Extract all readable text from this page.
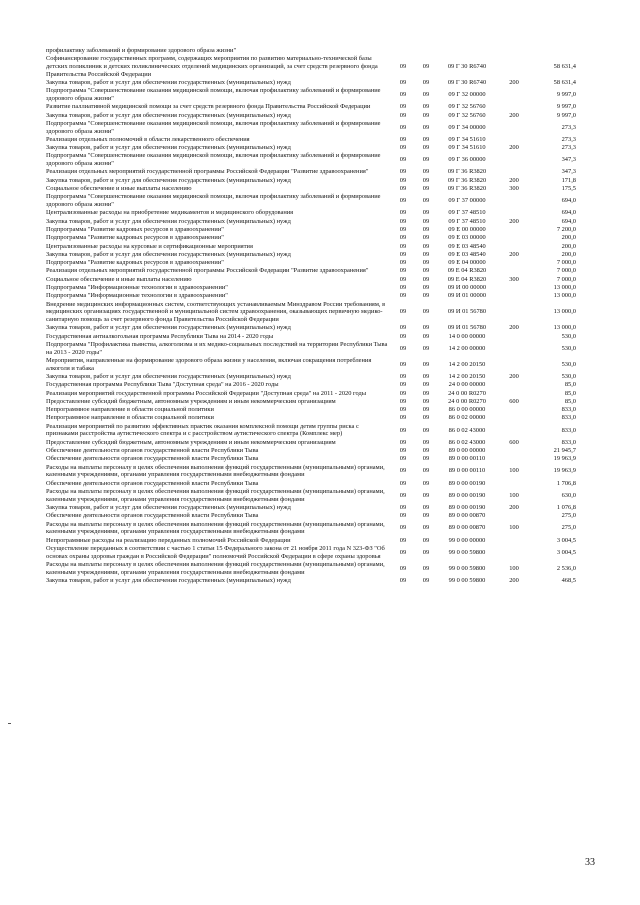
профилактику заболеваний и формирование здорового образа жизни"
Софинансирование государственных программ, содержащих мероприятия по развитию материально-технической базы детских поликлиник и детских поликлинических отделений медицинских организаций, за счет средств резервного фонда Правительства Российской Федерации
09	09	09 Г 30 R6740	58 631,4
Закупка товаров, работ и услуг для обеспечения государственных (муниципальных) нужд	09	09	09 Г 30 R6740	200	58 631,4
Подпрограмма "Совершенствование оказания медицинской помощи, включая профилактику заболеваний и формирование здорового образа жизни"
09	09	09 Г 32 00000	9 997,0
Развитие паллиативной медицинской помощи за счет средств резервного фонда Правительства Российской Федерации	09	09	09 Г 32 56760	9 997,0
Закупка товаров, работ и услуг для обеспечения государственных (муниципальных) нужд	09	09	09 Г 32 56760	200	9 997,0
Подпрограмма "Совершенствование оказания медицинской помощи, включая профилактику заболеваний и формирование здорового образа жизни"
09	09	09 Г 34 00000	273,3
Реализация отдельных полномочий в области лекарственного обеспечения	09	09	09 Г 34 51610	273,3
Закупка товаров, работ и услуг для обеспечения государственных (муниципальных) нужд	09	09	09 Г 34 51610	200	273,3
Подпрограмма "Совершенствование оказания медицинской помощи, включая профилактику заболеваний и формирование здорового образа жизни"
09	09	09 Г 36 00000	347,3
Реализация отдельных мероприятий государственной программы Российской Федерации "Развитие здравоохранения"	09	09	09 Г 36 R3820	347,3
Закупка товаров, работ и услуг для обеспечения государственных (муниципальных) нужд	09	09	09 Г 36 R3820	200	171,8
Социальное обеспечение и иные выплаты населению	09	09	09 Г 36 R3820	300	175,5
Подпрограмма "Совершенствование оказания медицинской помощи, включая профилактику заболеваний и формирование здорового образа жизни"
09	09	09 Г 37 00000	694,0
Централизованные расходы на приобретение медикаментов и медицинского оборудования	09	09	09 Г 37 48510	694,0
Закупка товаров, работ и услуг для обеспечения государственных (муниципальных) нужд	09	09	09 Г 37 48510	200	694,0
Подпрограмма "Развитие кадровых ресурсов в здравоохранении"	09	09	09 Е 00 00000	7 200,0
Подпрограмма "Развитие кадровых ресурсов в здравоохранении"	09	09	09 Е 03 00000	200,0
Централизованные расходы на курсовые и сертификационные мероприятия	09	09	09 Е 03 48540	200,0
Закупка товаров, работ и услуг для обеспечения государственных (муниципальных) нужд	09	09	09 Е 03 48540	200	200,0
Подпрограмма "Развитие кадровых ресурсов в здравоохранении"	09	09	09 Е 04 00000	7 000,0
Реализация отдельных мероприятий государственной программы Российской Федерации "Развитие здравоохранения"	09	09	09 Е 04 R3820	7 000,0
Социальное обеспечение и иные выплаты населению	09	09	09 Е 04 R3820	300	7 000,0
Подпрограмма "Информационные технологии в здравоохранении"	09	09	09 И 00 00000	13 000,0
Подпрограмма "Информационные технологии в здравоохранении"	09	09	09 И 01 00000	13 000,0
Внедрение медицинских информационных систем, соответствующих устанавливаемым Минздравом России требованиям, в медицинских организациях государственной и муниципальной систем здравоохранения, оказывающих первичную медико-санитарную помощь за счет резервного фонда Правительства Российской Федерации
09	09	09 И 01 56780	13 000,0
Закупка товаров, работ и услуг для обеспечения государственных (муниципальных) нужд	09	09	09 И 01 56780	200	13 000,0
Государственная антиалкогольная программа Республики Тыва на 2014 - 2020 годы	09	09	14 0 00 00000	530,0
Подпрограмма "Профилактика пьянства, алкоголизма и их медико-социальных последствий на территории Республики Тыва на 2013 - 2020 годы"
09	09	14 2 00 00000	530,0
Мероприятия, направленные на формирование здорового образа жизни у населения, включая сокращения потребления алкоголя и табака
09	09	14 2 00 20150	530,0
Закупка товаров, работ и услуг для обеспечения государственных (муниципальных) нужд	09	09	14 2 00 20150	200	530,0
Государственная программа Республики Тыва "Доступная среда" на 2016 - 2020 годы	09	09	24 0 00 00000	85,0
Реализация мероприятий государственной программы Российской Федерации "Доступная среда" на 2011 - 2020 годы	09	09	24 0 00 R0270	85,0
Предоставление субсидий бюджетным, автономным учреждениям и иным некоммерческим организациям	09	09	24 0 00 R0270	600	85,0
Непрограммное направление в области социальной политики	09	09	86 0 00 00000	833,0
Непрограммное направление в области социальной политики	09	09	86 0 02 00000	833,0
Реализация мероприятий по развитию эффективных практик оказания комплексной помощи детям группы риска с признаками расстройства аутистического спектра и с расстройством аутистического спектра (Комплекс мер)
09	09	86 0 02 43000	833,0
Предоставление субсидий бюджетным, автономным учреждениям и иным некоммерческим организациям	09	09	86 0 02 43000	600	833,0
Обеспечение деятельности органов государственной власти Республики Тыва	09	09	89 0 00 00000	21 945,7
Обеспечение деятельности органов государственной власти Республики Тыва	09	09	89 0 00 00110	19 963,9
Расходы на выплаты персоналу в целях обеспечения выполнения функций государственными (муниципальными) органами, казенными учреждениями, органами управления государственными внебюджетными фондами
09	09	89 0 00 00110	100	19 963,9
Обеспечение деятельности органов государственной власти Республики Тыва	09	09	89 0 00 00190	1 706,8
Расходы на выплаты персоналу в целях обеспечения выполнения функций государственными (муниципальными) органами, казенными учреждениями, органами управления государственными внебюджетными фондами
09	09	89 0 00 00190	100	630,0
Закупка товаров, работ и услуг для обеспечения государственных (муниципальных) нужд	09	09	89 0 00 00190	200	1 076,8
Обеспечение деятельности органов государственной власти Республики Тыва	09	09	89 0 00 00870	275,0
Расходы на выплаты персоналу в целях обеспечения выполнения функций государственными (муниципальными) органами, казенными учреждениями, органами управления государственными внебюджетными фондами
09	09	89 0 00 00870	100	275,0
Непрограммные расходы на реализацию переданных полномочий Российской Федерации	09	09	99 0 00 00000	3 004,5
Осуществление переданных в соответствии с частью 1 статьи 15 Федерального закона от 21 ноября 2011 года N 323-ФЗ "Об основах охраны здоровья граждан в Российской Федерации" полномочий Российской Федерации в сфере охраны здоровья
09	09	99 0 00 59800	3 004,5
Расходы на выплаты персоналу в целях обеспечения выполнения функций государственными (муниципальными) органами, казенными учреждениями, органами управления государственными внебюджетными фондами
09	09	99 0 00 59800	100	2 536,0
Закупка товаров, работ и услуг для обеспечения государственных (муниципальных) нужд	09	09	99 0 00 59800	200	468,5
33
